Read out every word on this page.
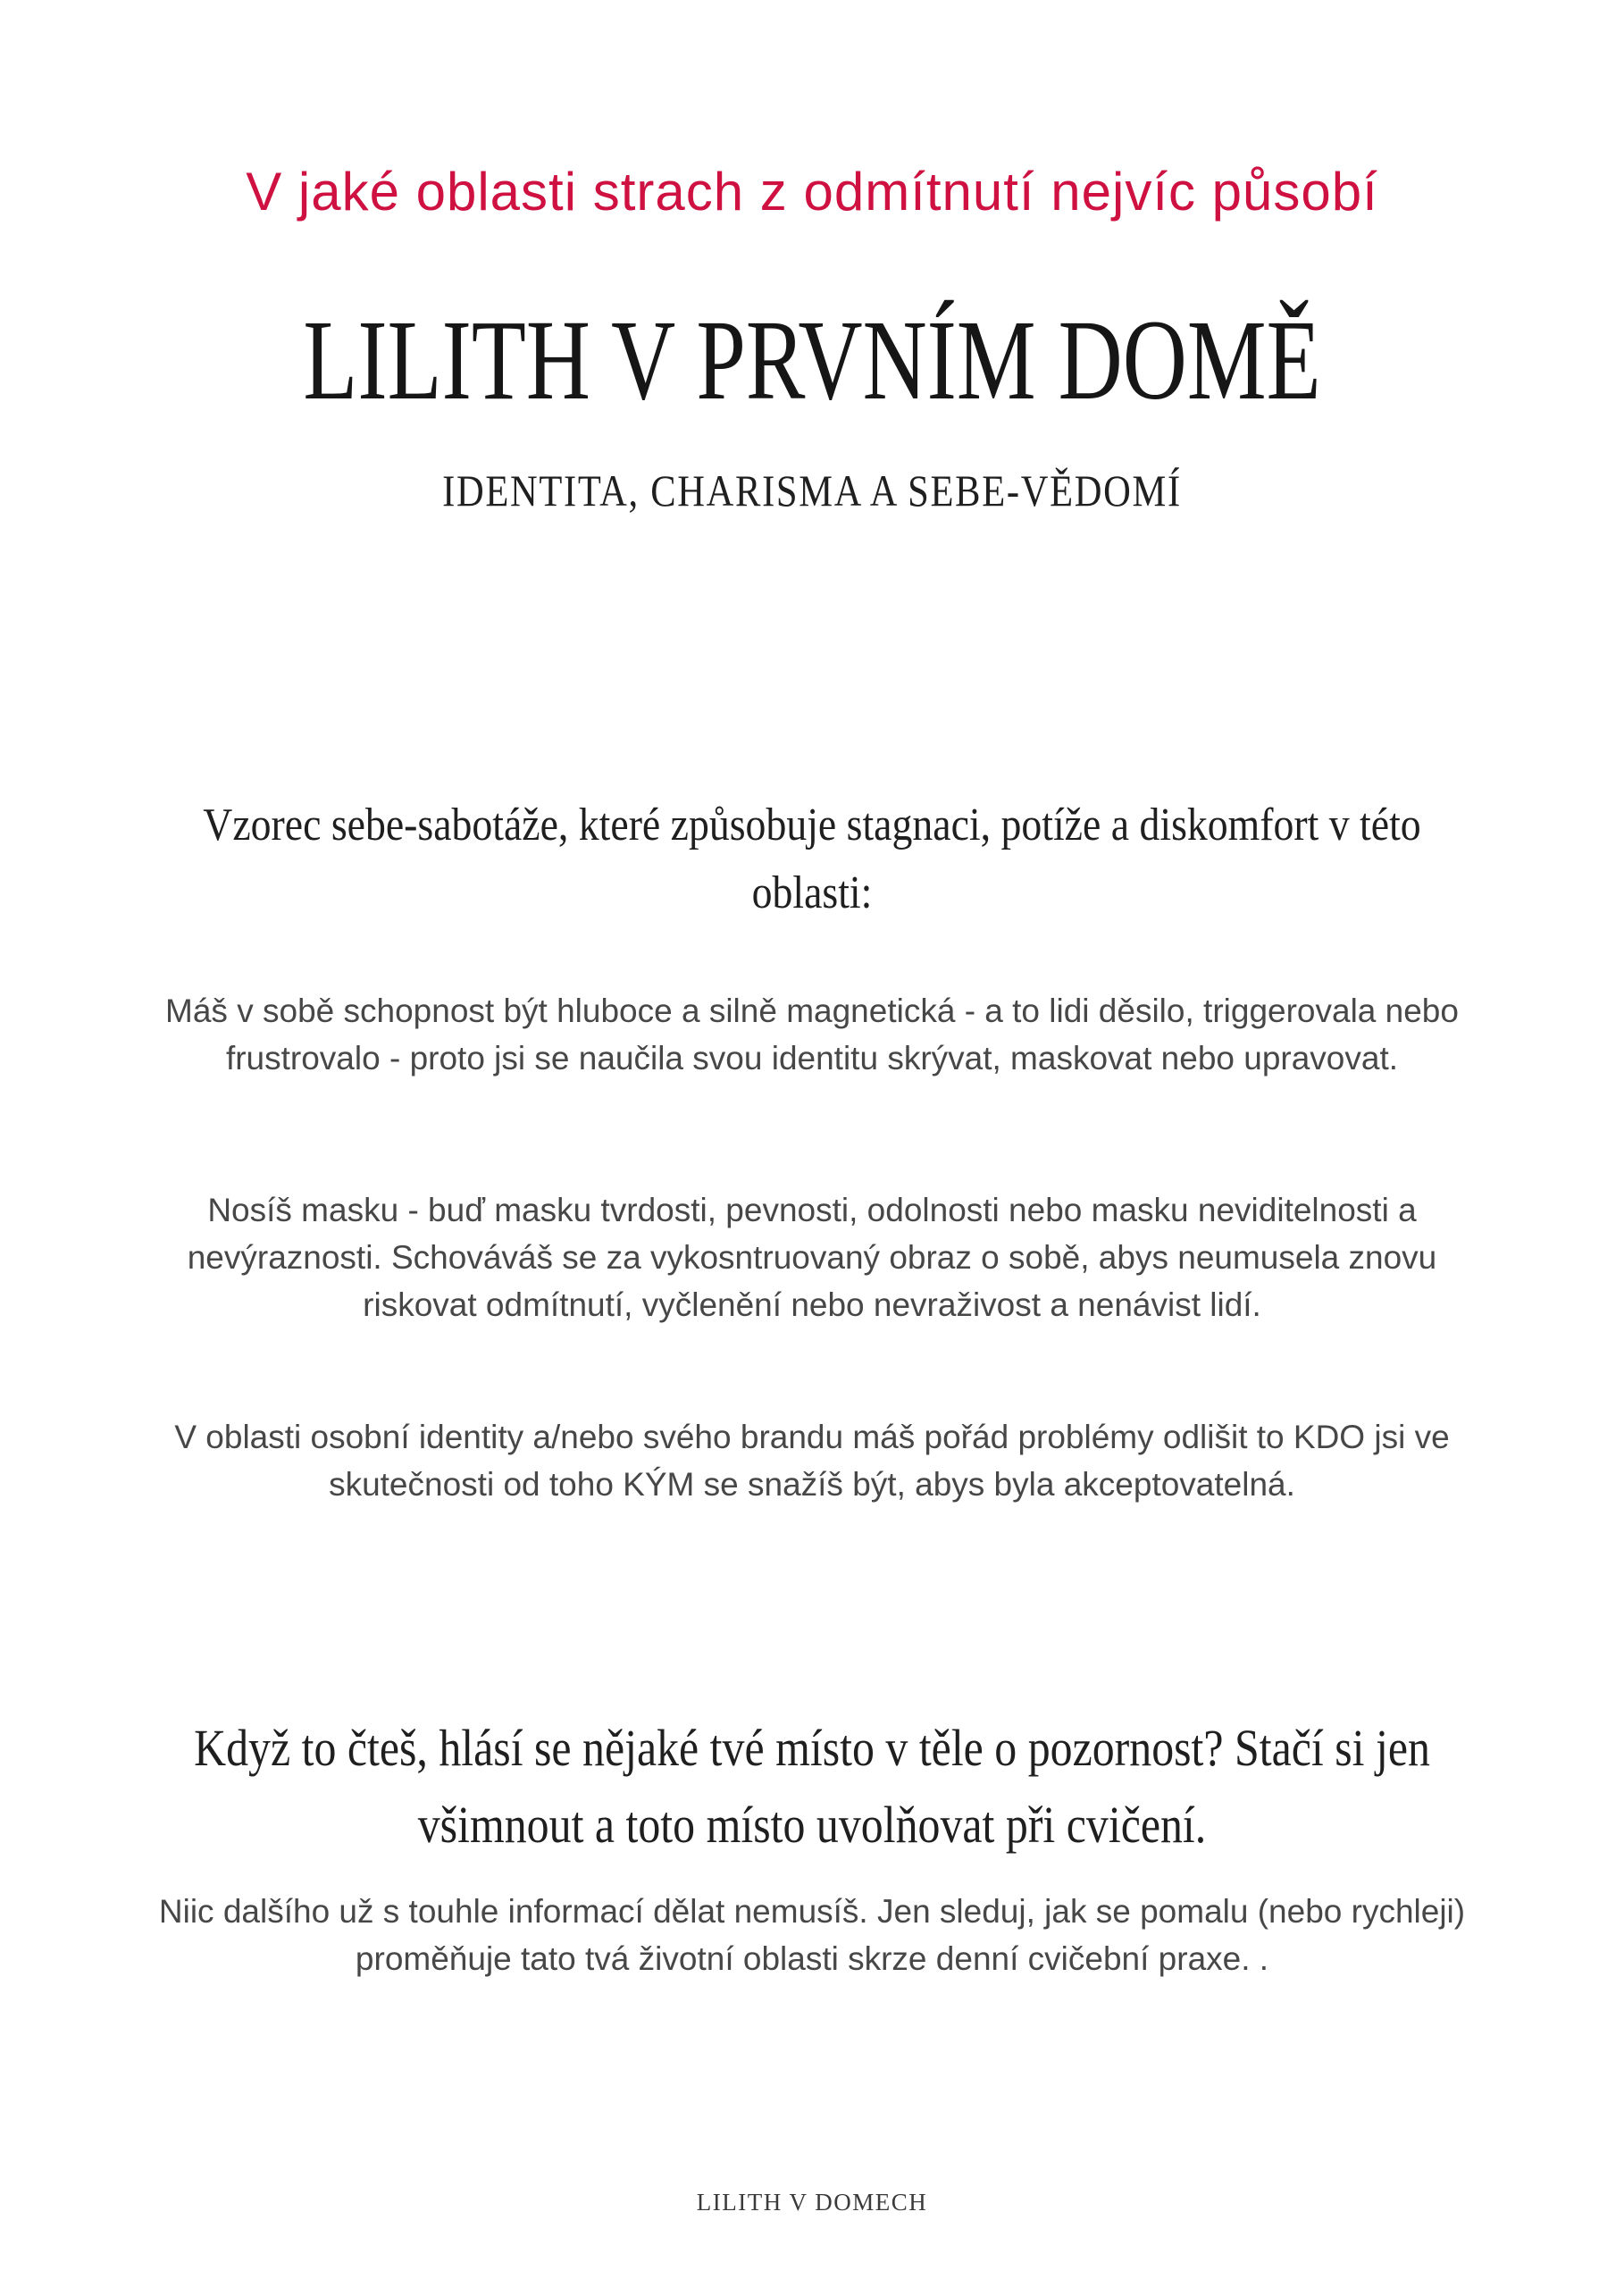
V jaké oblasti strach z odmítnutí nejvíc působí
LILITH V PRVNÍM DOMĚ
IDENTITA, CHARISMA A SEBE-VĚDOMÍ
Vzorec sebe-sabotáže, které způsobuje stagnaci, potíže a diskomfort v této oblasti:

Máš v sobě schopnost být hluboce a silně magnetická - a to lidi děsilo, triggerovala nebo frustrovalo - proto jsi se naučila svou identitu skrývat, maskovat nebo upravovat.

Nosíš masku - buď masku tvrdosti, pevnosti, odolnosti nebo masku neviditelnosti a nevýraznosti. Schováváš se za vykosntruovaný obraz o sobě, abys neumusela znovu riskovat odmítnutí, vyčlenění nebo nevraživost a nenávist lidí.

V oblasti osobní identity a/nebo svého brandu máš pořád problémy odlišit to KDO jsi ve skutečnosti od toho KÝM se snažíš být, abys byla akceptovatelná.

Když to čteš, hlásí se nějaké tvé místo v těle o pozornost? Stačí si jen všimnout a toto místo uvolňovat při cvičení.

Niic dalšího už s touhle informací dělat nemusíš. Jen sleduj, jak se pomalu (nebo rychleji) proměňuje tato tvá životní oblasti skrze denní cvičební praxe. .

LILITH V DOMECH
